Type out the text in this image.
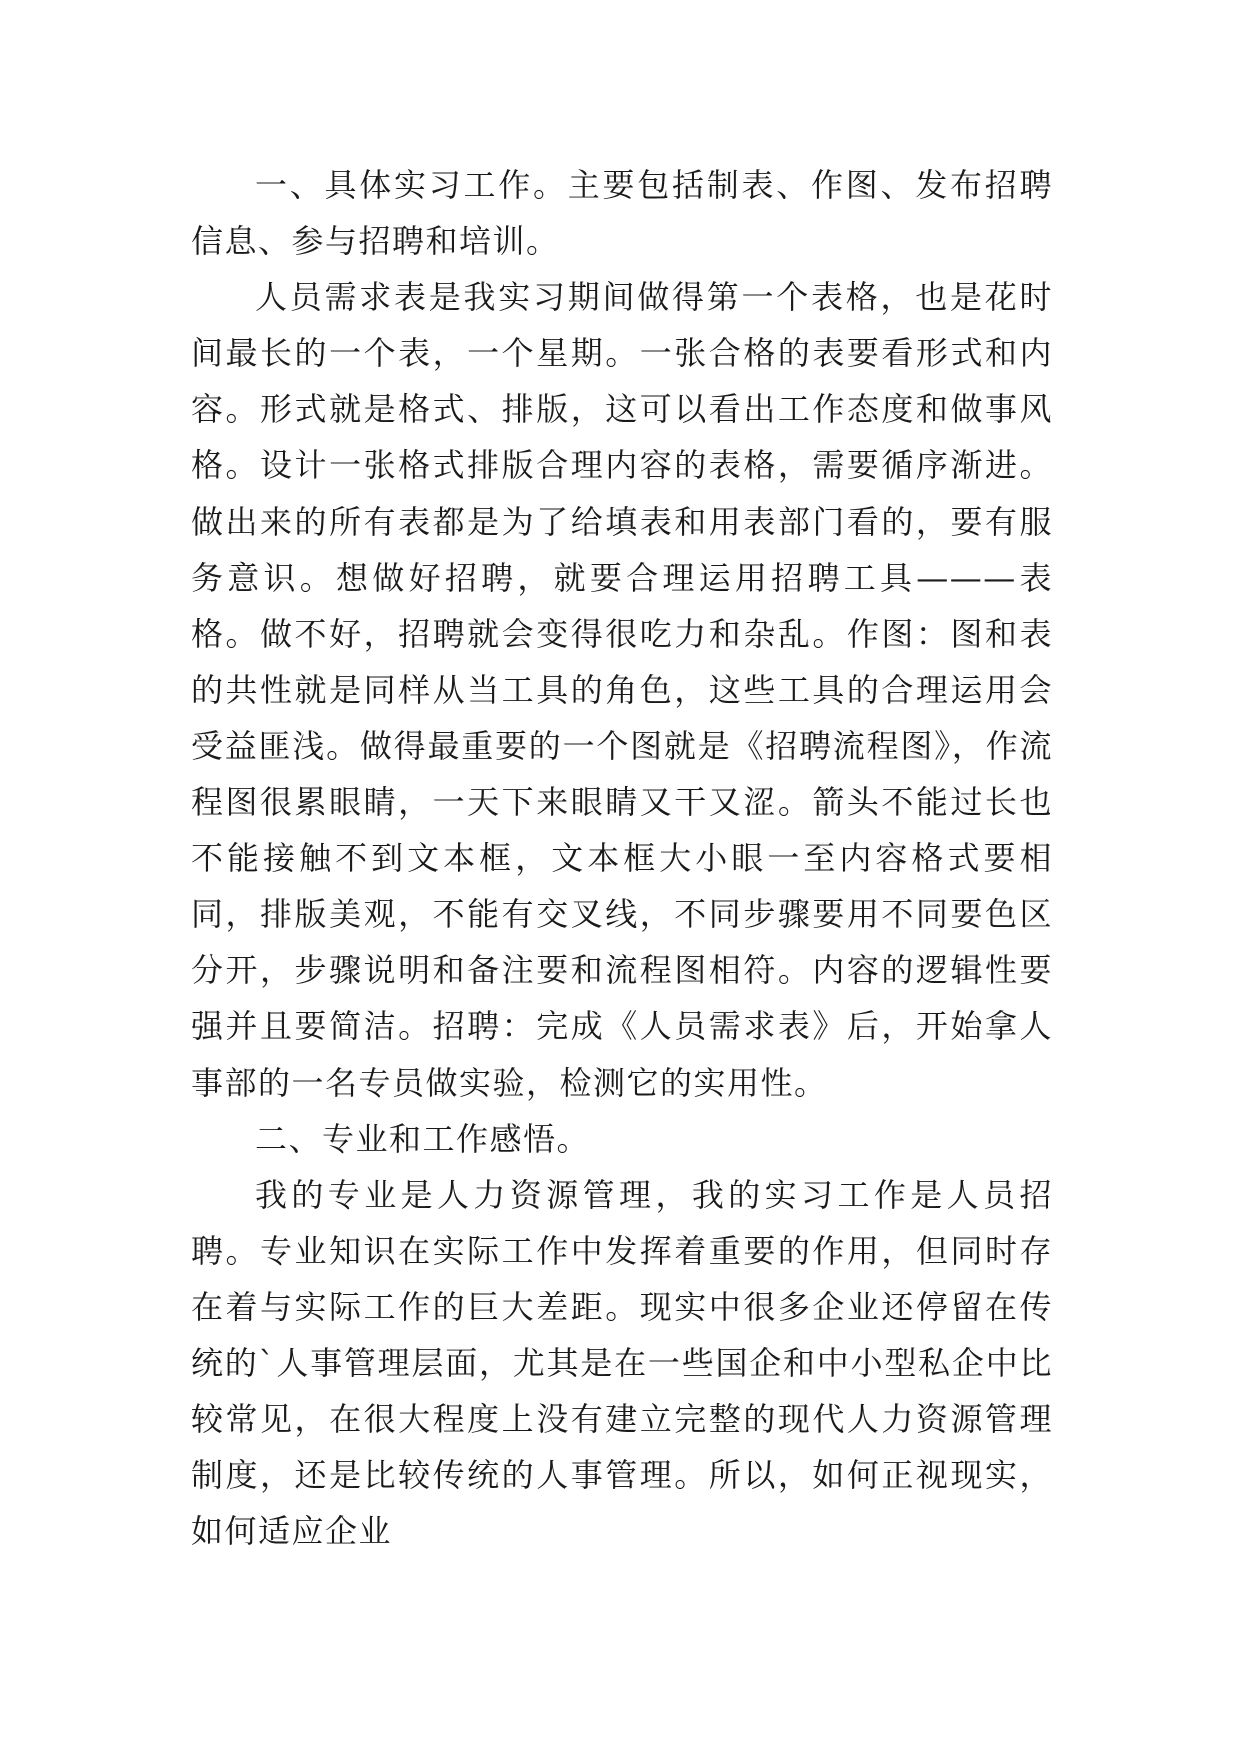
一、具体实习工作。主要包括制表、作图、发布招聘信息、参与招聘和培训。

人员需求表是我实习期间做得第一个表格，也是花时间最长的一个表，一个星期。一张合格的表要看形式和内容。形式就是格式、排版，这可以看出工作态度和做事风格。设计一张格式排版合理内容的表格，需要循序渐进。做出来的所有表都是为了给填表和用表部门看的，要有服务意识。想做好招聘，就要合理运用招聘工具———表格。做不好，招聘就会变得很吃力和杂乱。作图：图和表的共性就是同样从当工具的角色，这些工具的合理运用会受益匪浅。做得最重要的一个图就是《招聘流程图》，作流程图很累眼睛，一天下来眼睛又干又涩。箭头不能过长也不能接触不到文本框，文本框大小眼一至内容格式要相同，排版美观，不能有交叉线，不同步骤要用不同要色区分开，步骤说明和备注要和流程图相符。内容的逻辑性要强并且要简洁。招聘：完成《人员需求表》后，开始拿人事部的一名专员做实验，检测它的实用性。

二、专业和工作感悟。

我的专业是人力资源管理，我的实习工作是人员招聘。专业知识在实际工作中发挥着重要的作用，但同时存在着与实际工作的巨大差距。现实中很多企业还停留在传统的`人事管理层面，尤其是在一些国企和中小型私企中比较常见，在很大程度上没有建立完整的现代人力资源管理制度，还是比较传统的人事管理。所以，如何正视现实，如何适应企业
